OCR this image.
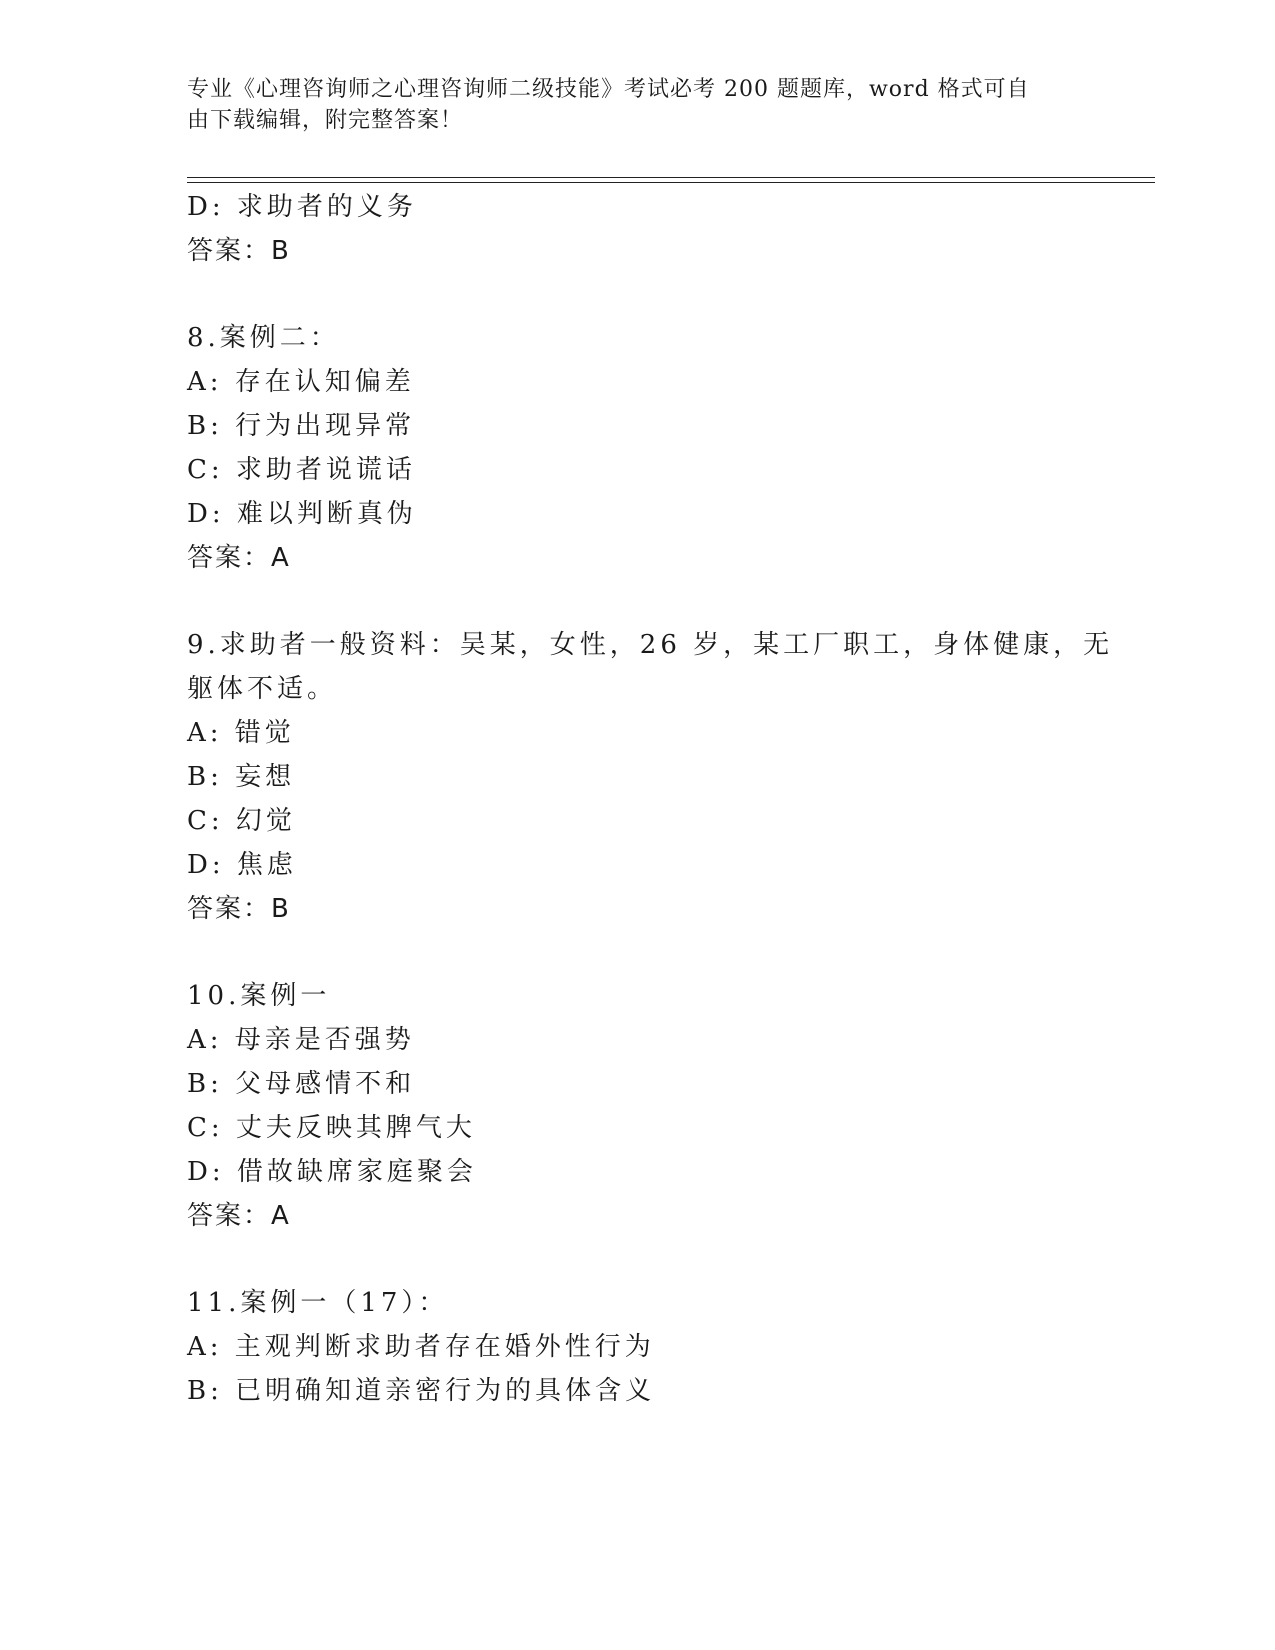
专业《心理咨询师之心理咨询师二级技能》考试必考 200 题题库，word 格式可自
由下载编辑，附完整答案！
D: 求助者的义务
答案：B
8.案例二：
A: 存在认知偏差
B: 行为出现异常
C: 求助者说谎话
D: 难以判断真伪
答案：A
9.求助者一般资料：吴某，女性，26 岁，某工厂职工，身体健康，无
躯体不适。
A: 错觉
B: 妄想
C: 幻觉
D: 焦虑
答案：B
10.案例一
A: 母亲是否强势
B: 父母感情不和
C: 丈夫反映其脾气大
D: 借故缺席家庭聚会
答案：A
11.案例一（17）：
A: 主观判断求助者存在婚外性行为
B: 已明确知道亲密行为的具体含义
